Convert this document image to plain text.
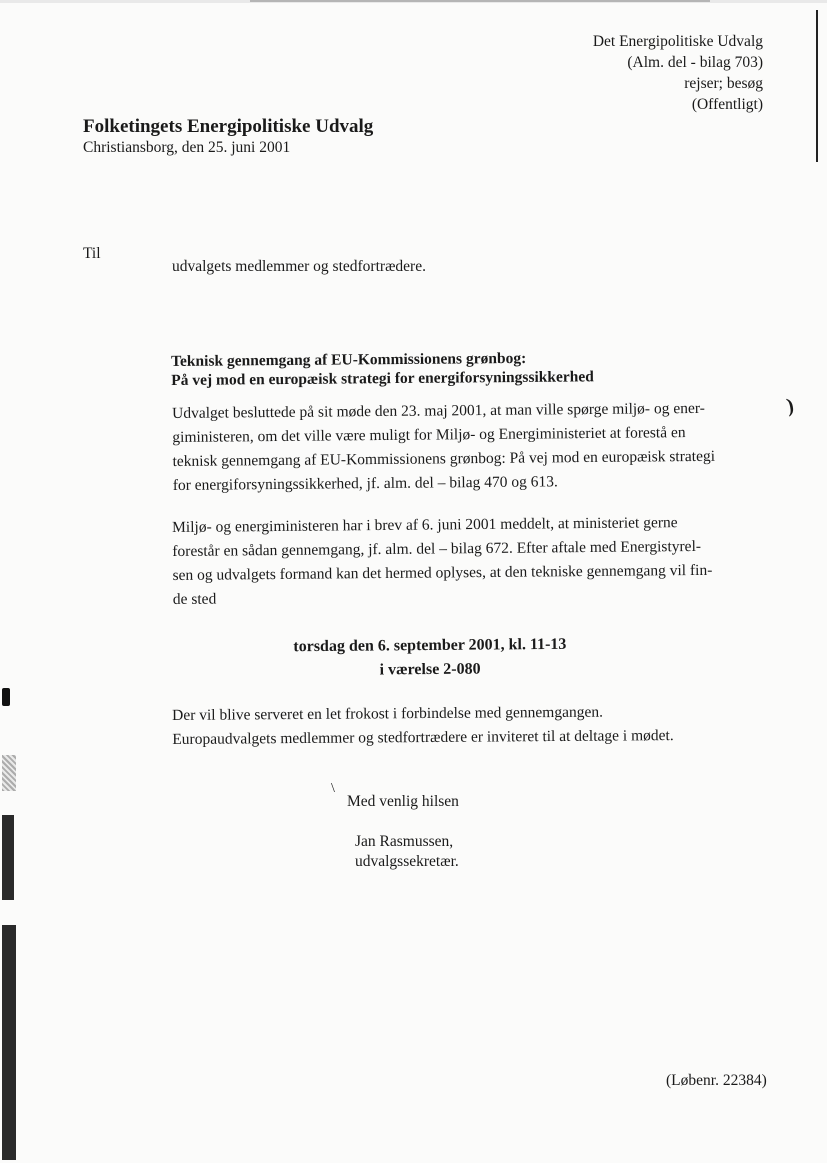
)
\
Det Energipolitiske Udvalg
(Alm. del - bilag 703)
rejser; besøg
(Offentligt)
Folketingets Energipolitiske Udvalg
Christiansborg, den 25. juni 2001
Til
udvalgets medlemmer og stedfortrædere.
Teknisk gennemgang af EU-Kommissionens grønbog:
På vej mod en europæisk strategi for energiforsyningssikkerhed
Udvalget besluttede på sit møde den 23. maj 2001, at man ville spørge miljø- og ener-
giministeren, om det ville være muligt for Miljø- og Energiministeriet at forestå en
teknisk gennemgang af EU-Kommissionens grønbog: På vej mod en europæisk strategi
for energiforsyningssikkerhed, jf. alm. del – bilag 470 og 613.
Miljø- og energiministeren har i brev af 6. juni 2001 meddelt, at ministeriet gerne
forestår en sådan gennemgang, jf. alm. del – bilag 672. Efter aftale med Energistyrel-
sen og udvalgets formand kan det hermed oplyses, at den tekniske gennemgang vil fin-
de sted
torsdag den 6. september 2001, kl. 11-13
i værelse 2-080
Der vil blive serveret en let frokost i forbindelse med gennemgangen.
Europaudvalgets medlemmer og stedfortrædere er inviteret til at deltage i mødet.
Med venlig hilsen
Jan Rasmussen,
udvalgssekretær.
(Løbenr. 22384)
